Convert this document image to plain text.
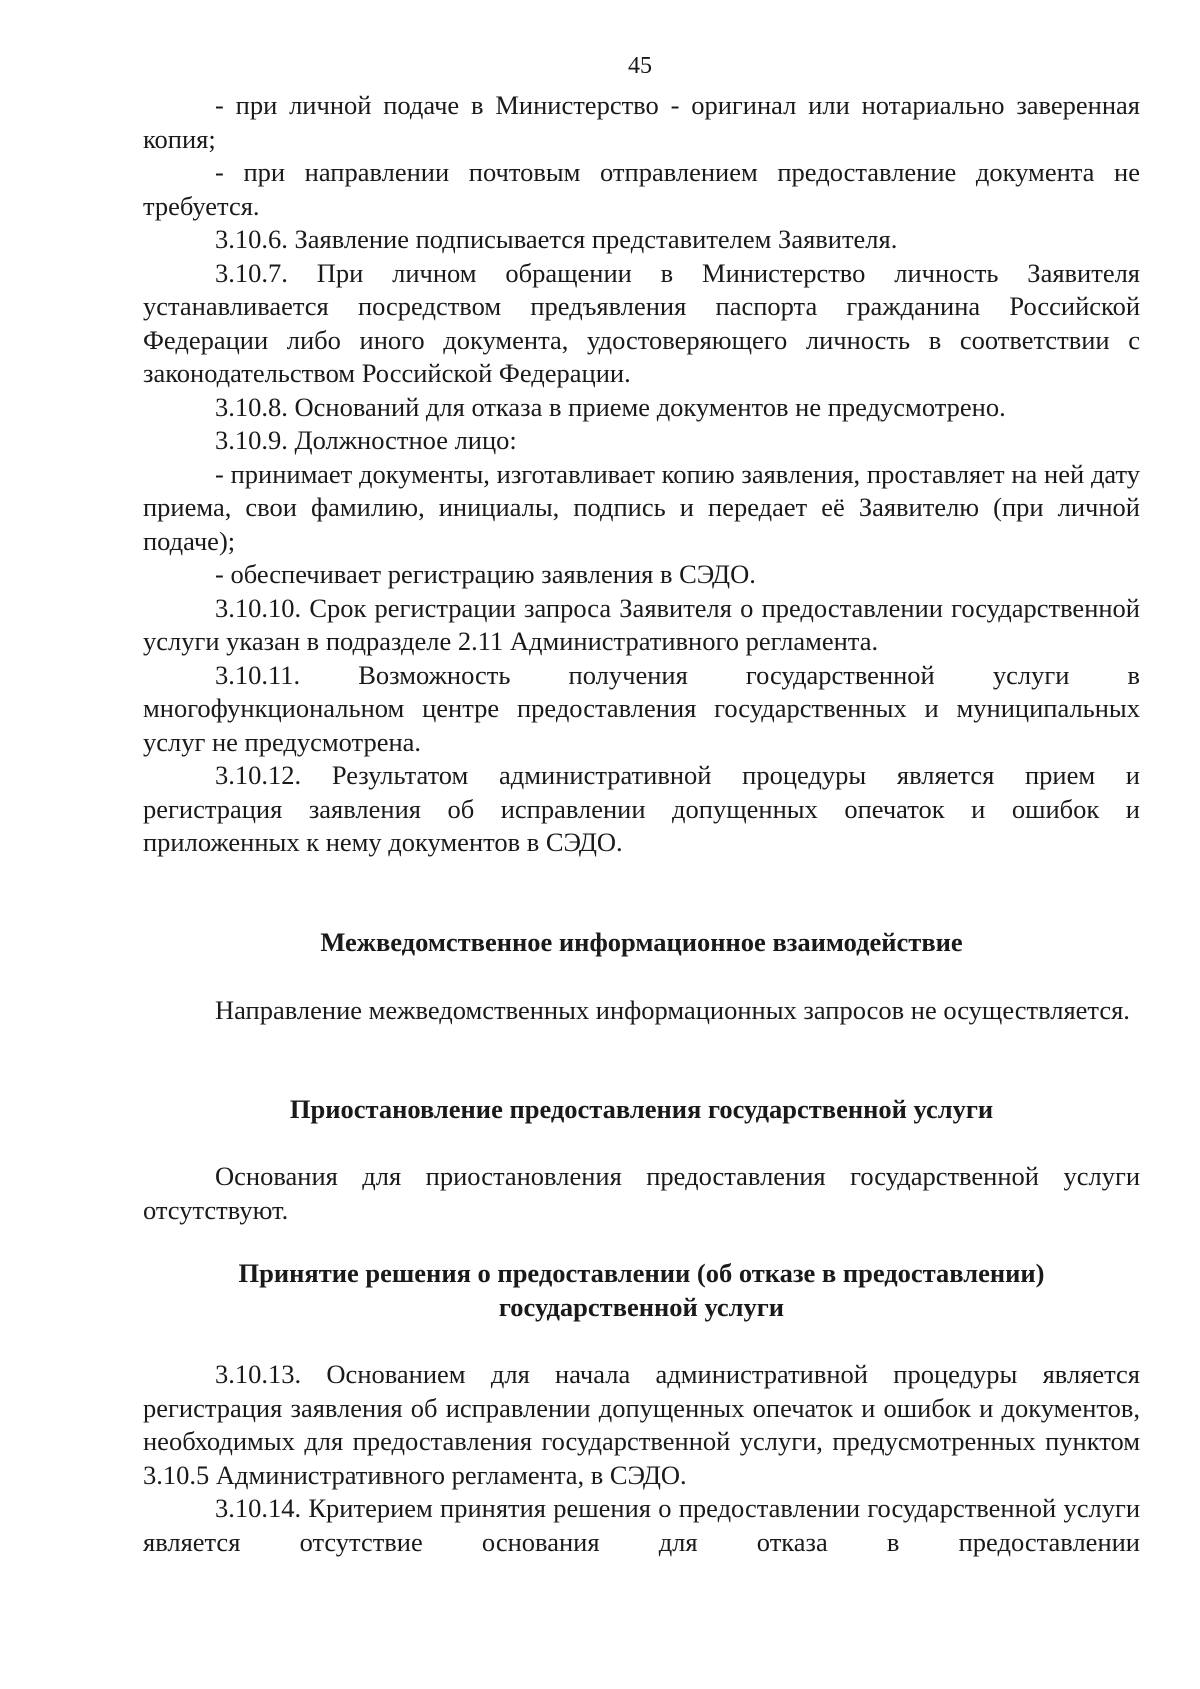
45

- при личной подаче в Министерство - оригинал или нотариально заверенная копия;

- при направлении почтовым отправлением предоставление документа не требуется.

3.10.6. Заявление подписывается представителем Заявителя.

3.10.7. При личном обращении в Министерство личность Заявителя устанавливается посредством предъявления паспорта гражданина Российской Федерации либо иного документа, удостоверяющего личность в соответствии с законодательством Российской Федерации.

3.10.8. Оснований для отказа в приеме документов не предусмотрено.

3.10.9. Должностное лицо:

- принимает документы, изготавливает копию заявления, проставляет на ней дату приема, свои фамилию, инициалы, подпись и передает её Заявителю (при личной подаче);

- обеспечивает регистрацию заявления в СЭДО.

3.10.10. Срок регистрации запроса Заявителя о предоставлении государственной услуги указан в подразделе 2.11 Административного регламента.

3.10.11. Возможность получения государственной услуги в многофункциональном центре предоставления государственных и муниципальных услуг не предусмотрена.

3.10.12. Результатом административной процедуры является прием и регистрация заявления об исправлении допущенных опечаток и ошибок и приложенных к нему документов в СЭДО.

Межведомственное информационное взаимодействие

Направление межведомственных информационных запросов не осуществляется.

Приостановление предоставления государственной услуги

Основания для приостановления предоставления государственной услуги отсутствуют.

Принятие решения о предоставлении (об отказе в предоставлении)
государственной услуги

3.10.13. Основанием для начала административной процедуры является регистрация заявления об исправлении допущенных опечаток и ошибок и документов, необходимых для предоставления государственной услуги, предусмотренных пунктом 3.10.5 Административного регламента, в СЭДО.

3.10.14. Критерием принятия решения о предоставлении государственной услуги является отсутствие основания для отказа в предоставлении
